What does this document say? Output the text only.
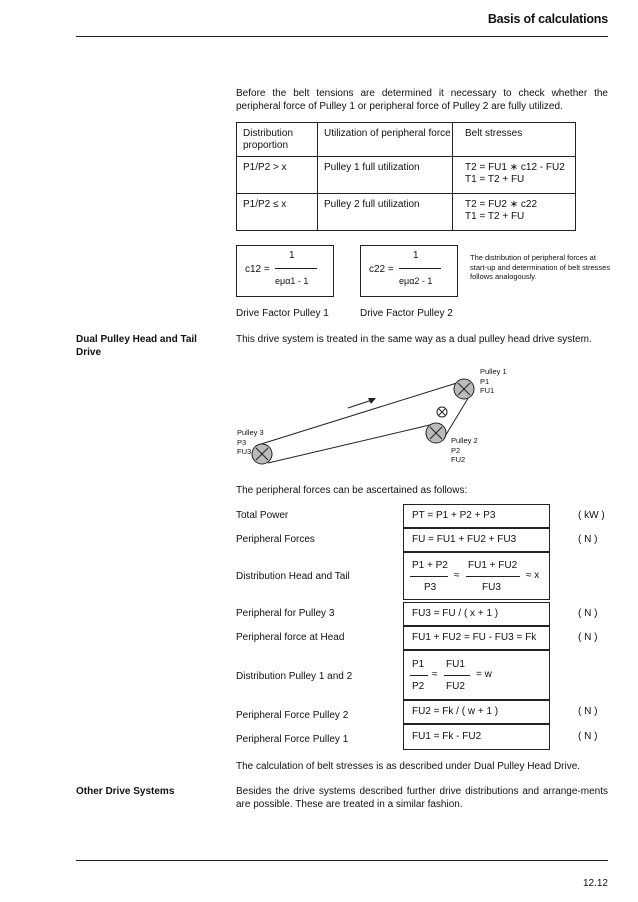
Basis of calculations
Before the belt tensions are determined it necessary to check whether the peripheral force of Pulley 1 or peripheral force of Pulley 2 are fully utilized.
Distribution proportion	Utilization of peripheral force	Belt stresses
P1/P2 > x	Pulley 1 full utilization	T2 = FU1 ∗ c12 - FU2
T1 = T2 + FU

P1/P2 ≤ x	Pulley 2 full utilization	T2 = FU2 ∗ c22
T1 = T2 + FU
c12 =
1
eμα1 - 1
Drive Factor Pulley 1
c22 =
1
eμα2 - 1
Drive Factor Pulley 2
The distribution of peripheral forces at start-up and determination of belt stresses follows analogously.
Dual Pulley Head and Tail Drive
This drive system is treated in the same way as a dual pulley head drive system.
Pulley 1
P1
FU1
Pulley 2
P2
FU2
Pulley 3
P3
FU3
The peripheral forces can be ascertained as follows:
Total Power	PT = P1 + P2 + P3	( kW )
Peripheral Forces	FU = FU1 + FU2 + FU3	( N )
Distribution Head and Tail
P1 + P2
P3
≈
FU1 + FU2
FU3
≈ x
Peripheral for Pulley 3	FU3 = FU / ( x + 1 )	( N )
Peripheral force at Head	FU1 + FU2 = FU - FU3 = Fk	( N )
Distribution Pulley 1 and 2
P1
P2
≈
FU1
FU2
= w
Peripheral Force Pulley 2	FU2 = Fk / ( w + 1 )	( N )
Peripheral Force Pulley 1	FU1 = Fk - FU2	( N )
The calculation of belt stresses is as described under Dual Pulley Head Drive.
Other Drive Systems	Besides the drive systems described further drive distributions and arrange-ments are possible. These are treated in a similar fashion.
12.12
